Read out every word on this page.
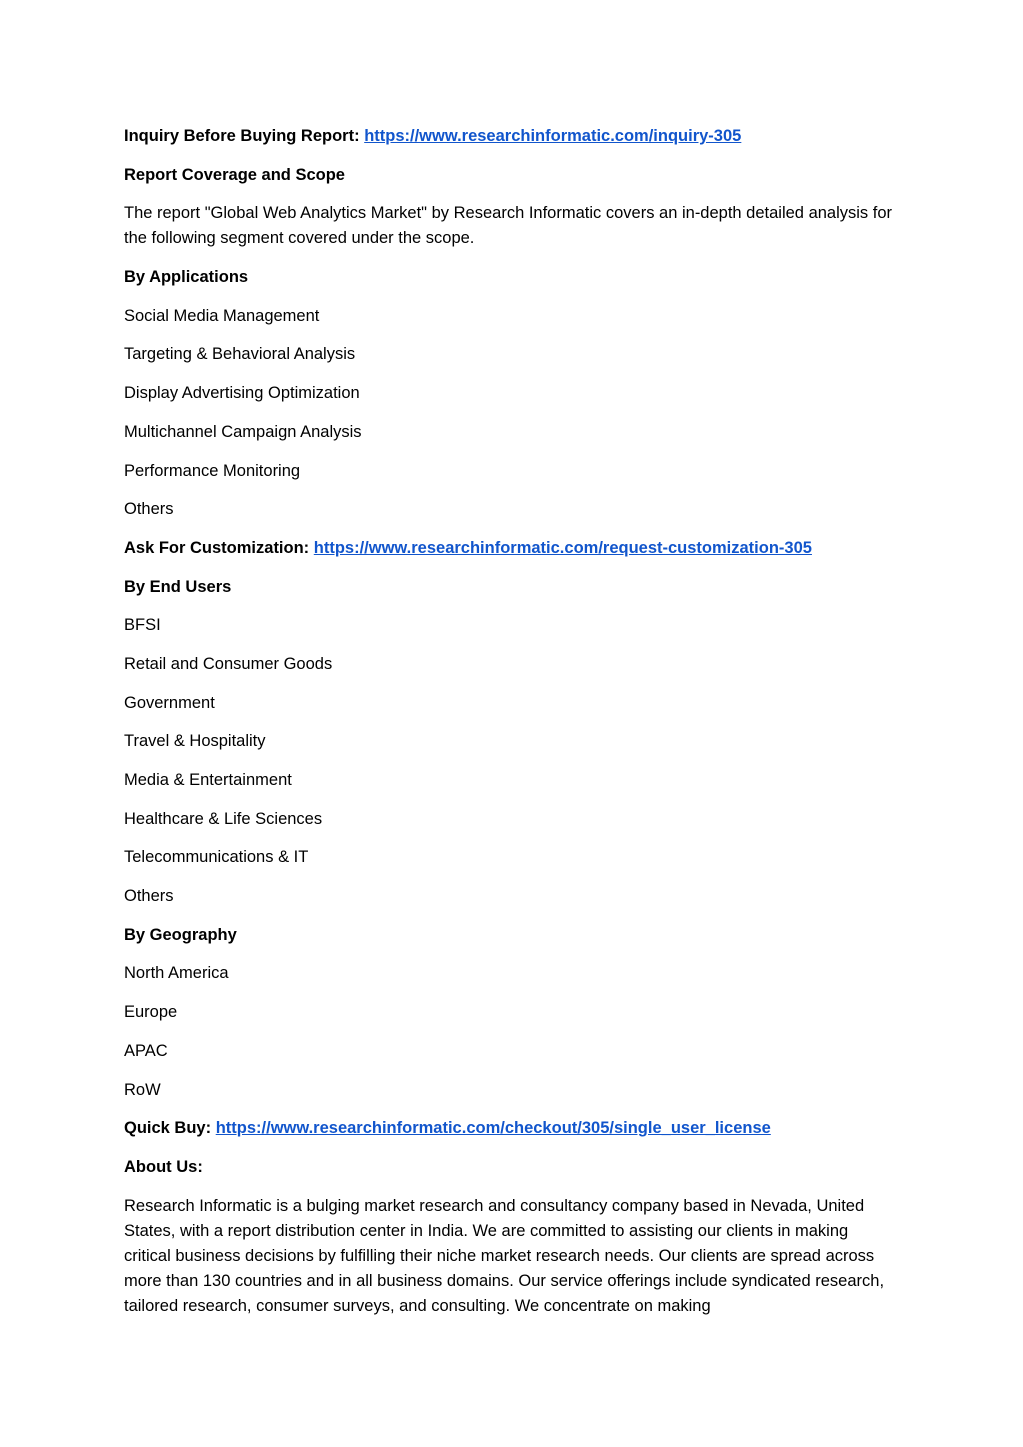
Inquiry Before Buying Report: https://www.researchinformatic.com/inquiry-305

Report Coverage and Scope

The report "Global Web Analytics Market" by Research Informatic covers an in-depth detailed analysis for the following segment covered under the scope.

By Applications

Social Media Management

Targeting & Behavioral Analysis

Display Advertising Optimization

Multichannel Campaign Analysis

Performance Monitoring

Others

Ask For Customization: https://www.researchinformatic.com/request-customization-305

By End Users

BFSI

Retail and Consumer Goods

Government

Travel & Hospitality

Media & Entertainment

Healthcare & Life Sciences

Telecommunications & IT

Others

By Geography

North America

Europe

APAC

RoW

Quick Buy: https://www.researchinformatic.com/checkout/305/single_user_license

About Us:

Research Informatic is a bulging market research and consultancy company based in Nevada, United States, with a report distribution center in India. We are committed to assisting our clients in making critical business decisions by fulfilling their niche market research needs. Our clients are spread across more than 130 countries and in all business domains. Our service offerings include syndicated research, tailored research, consumer surveys, and consulting. We concentrate on making
